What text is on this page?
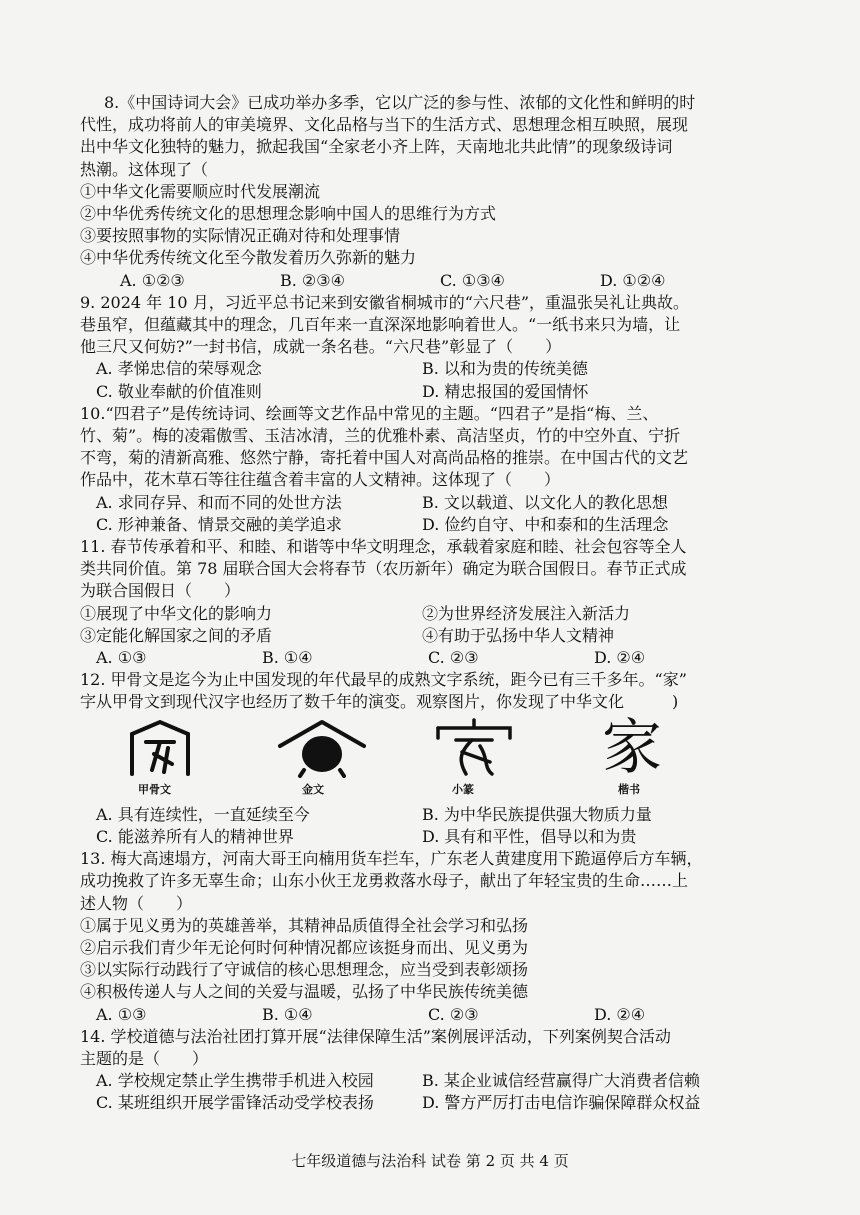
8.《中国诗词大会》已成功举办多季，它以广泛的参与性、浓郁的文化性和鲜明的时
代性，成功将前人的审美境界、文化品格与当下的生活方式、思想理念相互映照，展现
出中华文化独特的魅力，掀起我国“全家老小齐上阵，天南地北共此情”的现象级诗词
热潮。这体现了（
①中华文化需要顺应时代发展潮流
②中华优秀传统文化的思想理念影响中国人的思维行为方式
③要按照事物的实际情况正确对待和处理事情
④中华优秀传统文化至今散发着历久弥新的魅力
A. ①②③	B. ②③④	C. ①③④	D. ①②④
9. 2024 年 10 月，习近平总书记来到安徽省桐城市的“六尺巷”，重温张吴礼让典故。
巷虽窄，但蕴藏其中的理念，几百年来一直深深地影响着世人。“一纸书来只为墙，让
他三尺又何妨?”一封书信，成就一条名巷。“六尺巷”彰显了（　　）
A. 孝悌忠信的荣辱观念	B. 以和为贵的传统美德
C. 敬业奉献的价值准则	D. 精忠报国的爱国情怀
10.“四君子”是传统诗词、绘画等文艺作品中常见的主题。“四君子”是指“梅、兰、
竹、菊”。梅的凌霜傲雪、玉洁冰清，兰的优雅朴素、高洁坚贞，竹的中空外直、宁折
不弯，菊的清新高雅、悠然宁静，寄托着中国人对高尚品格的推崇。在中国古代的文艺
作品中，花木草石等往往蕴含着丰富的人文精神。这体现了（　　）
A. 求同存异、和而不同的处世方法	B. 文以载道、以文化人的教化思想
C. 形神兼备、情景交融的美学追求	D. 俭约自守、中和泰和的生活理念
11. 春节传承着和平、和睦、和谐等中华文明理念，承载着家庭和睦、社会包容等全人
类共同价值。第 78 届联合国大会将春节（农历新年）确定为联合国假日。春节正式成
为联合国假日（　　）
①展现了中华文化的影响力	②为世界经济发展注入新活力
③定能化解国家之间的矛盾	④有助于弘扬中华人文精神
A. ①③	B. ①④	C. ②③	D. ②④
12. 甲骨文是迄今为止中国发现的年代最早的成熟文字系统，距今已有三千多年。“家”
字从甲骨文到现代汉字也经历了数千年的演变。观察图片，你发现了中华文化　　　)
甲骨文	金文	小篆
家
楷书
A. 具有连续性，一直延续至今	B. 为中华民族提供强大物质力量
C. 能滋养所有人的精神世界	D. 具有和平性，倡导以和为贵
13. 梅大高速塌方，河南大哥王向楠用货车拦车，广东老人黄建度用下跪逼停后方车辆，
成功挽救了许多无辜生命；山东小伙王龙勇救落水母子，献出了年轻宝贵的生命……上
述人物（　　）
①属于见义勇为的英雄善举，其精神品质值得全社会学习和弘扬
②启示我们青少年无论何时何种情况都应该挺身而出、见义勇为
③以实际行动践行了守诚信的核心思想理念，应当受到表彰颂扬
④积极传递人与人之间的关爱与温暖，弘扬了中华民族传统美德
A. ①③	B. ①④	C. ②③	D. ②④
14. 学校道德与法治社团打算开展“法律保障生活”案例展评活动，下列案例契合活动
主题的是（　　）
A. 学校规定禁止学生携带手机进入校园	B. 某企业诚信经营赢得广大消费者信赖
C. 某班组织开展学雷锋活动受学校表扬	D. 警方严厉打击电信诈骗保障群众权益
七年级道德与法治科 试卷 第 2 页 共 4 页
